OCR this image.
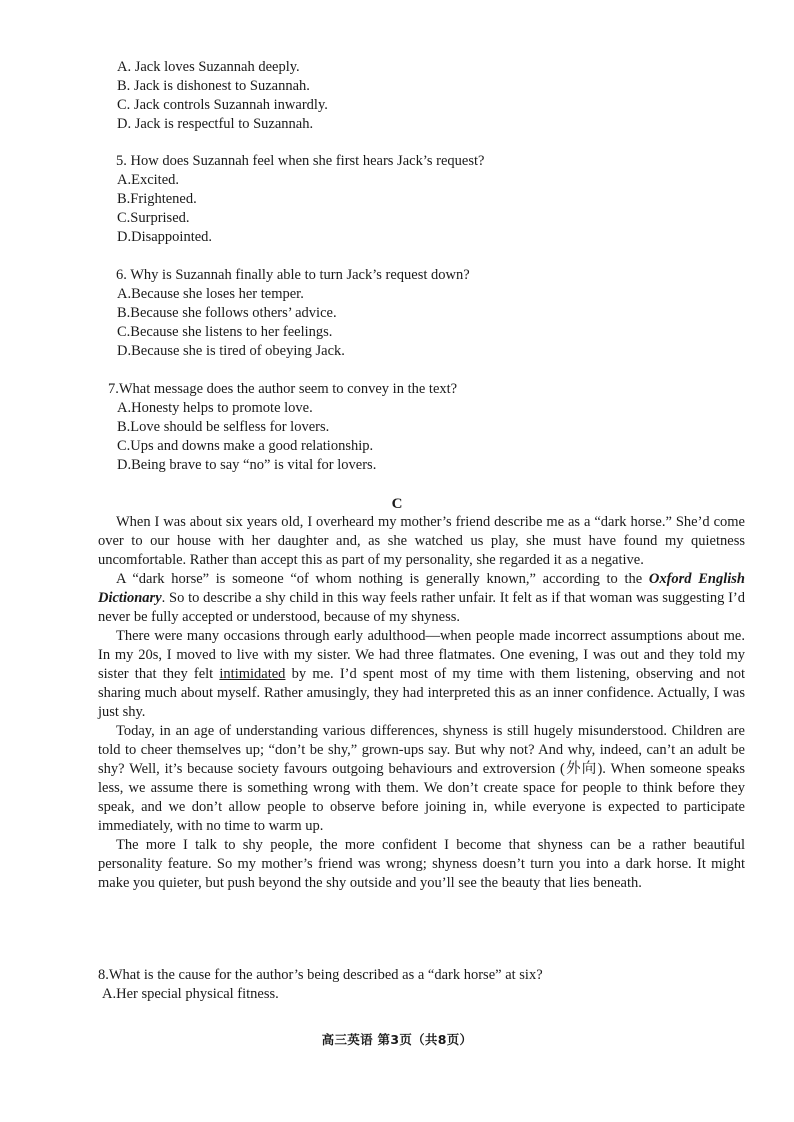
A. Jack loves Suzannah deeply.

B. Jack is dishonest to Suzannah.

C. Jack controls Suzannah inwardly.

D. Jack is respectful to Suzannah.

5. How does Suzannah feel when she first hears Jack’s request?

A.Excited.

B.Frightened.

C.Surprised.

D.Disappointed.

6. Why is Suzannah finally able to turn Jack’s request down?

A.Because she loses her temper.

B.Because she follows others’ advice.

C.Because she listens to her feelings.

D.Because she is tired of obeying Jack.

7.What message does the author seem to convey in the text?

A.Honesty helps to promote love.

B.Love should be selfless for lovers.

C.Ups and downs make a good relationship.

D.Being brave to say “no” is vital for lovers.

C

When I was about six years old, I overheard my mother’s friend describe me as a “dark horse.” She’d come over to our house with her daughter and, as she watched us play, she must have found my quietness uncomfortable. Rather than accept this as part of my personality, she regarded it as a negative.

A “dark horse” is someone “of whom nothing is generally known,” according to the Oxford English Dictionary. So to describe a shy child in this way feels rather unfair. It felt as if that woman was suggesting I’d never be fully accepted or understood, because of my shyness.

There were many occasions through early adulthood—when people made incorrect assumptions about me. In my 20s, I moved to live with my sister. We had three flatmates. One evening, I was out and they told my sister that they felt intimidated by me. I’d spent most of my time with them listening, observing and not sharing much about myself. Rather amusingly, they had interpreted this as an inner confidence. Actually, I was just shy.

Today, in an age of understanding various differences, shyness is still hugely misunderstood. Children are told to cheer themselves up; “don’t be shy,” grown-ups say. But why not? And why, indeed, can’t an adult be shy? Well, it’s because society favours outgoing behaviours and extroversion (外向). When someone speaks less, we assume there is something wrong with them. We don’t create space for people to think before they speak, and we don’t allow people to observe before joining in, while everyone is expected to participate immediately, with no time to warm up.

The more I talk to shy people, the more confident I become that shyness can be a rather beautiful personality feature. So my mother’s friend was wrong; shyness doesn’t turn you into a dark horse. It might make you quieter, but push beyond the shy outside and you’ll see the beauty that lies beneath.

8.What is the cause for the author’s being described as a “dark horse” at six?

A.Her special physical fitness.

高三英语 第3页（共8页）
